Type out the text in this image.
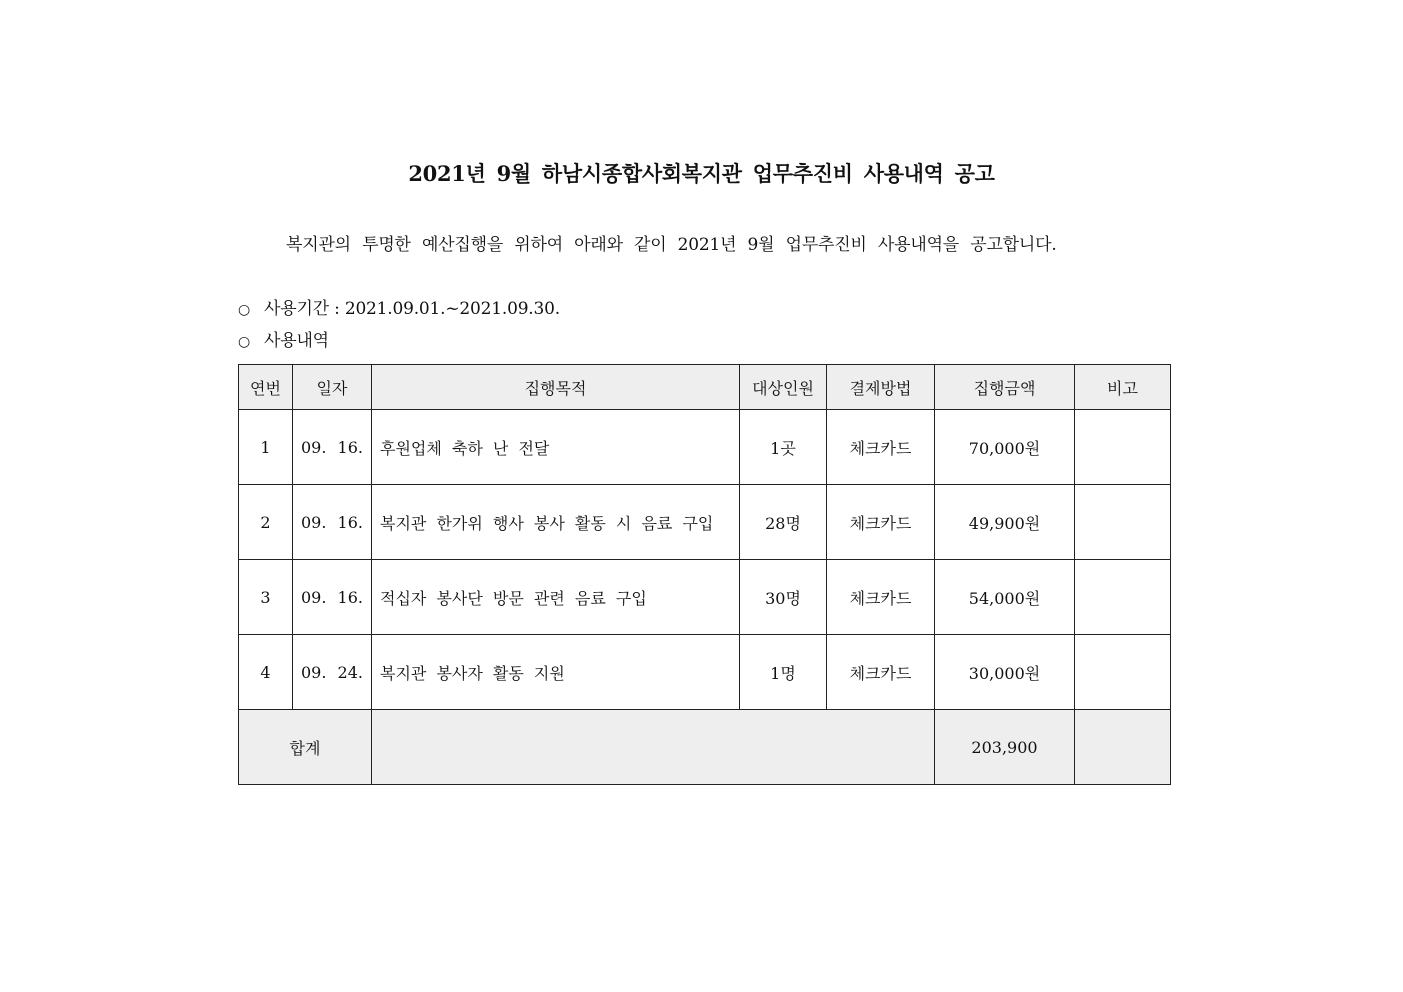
2021년 9월 하남시종합사회복지관 업무추진비 사용내역 공고
복지관의 투명한 예산집행을 위하여 아래와 같이 2021년 9월 업무추진비 사용내역을 공고합니다.
○ 사용기간 : 2021.09.01.~2021.09.30.
○ 사용내역
연번	일자	집행목적	대상인원	결제방법	집행금액	비고
1	09. 16.	후원업체 축하 난 전달	1곳	체크카드	70,000원	
2	09. 16.	복지관 한가위 행사 봉사 활동 시 음료 구입	28명	체크카드	49,900원	
3	09. 16.	적십자 봉사단 방문 관련 음료 구입	30명	체크카드	54,000원	
4	09. 24.	복지관 봉사자 활동 지원	1명	체크카드	30,000원	
합계					203,900	
